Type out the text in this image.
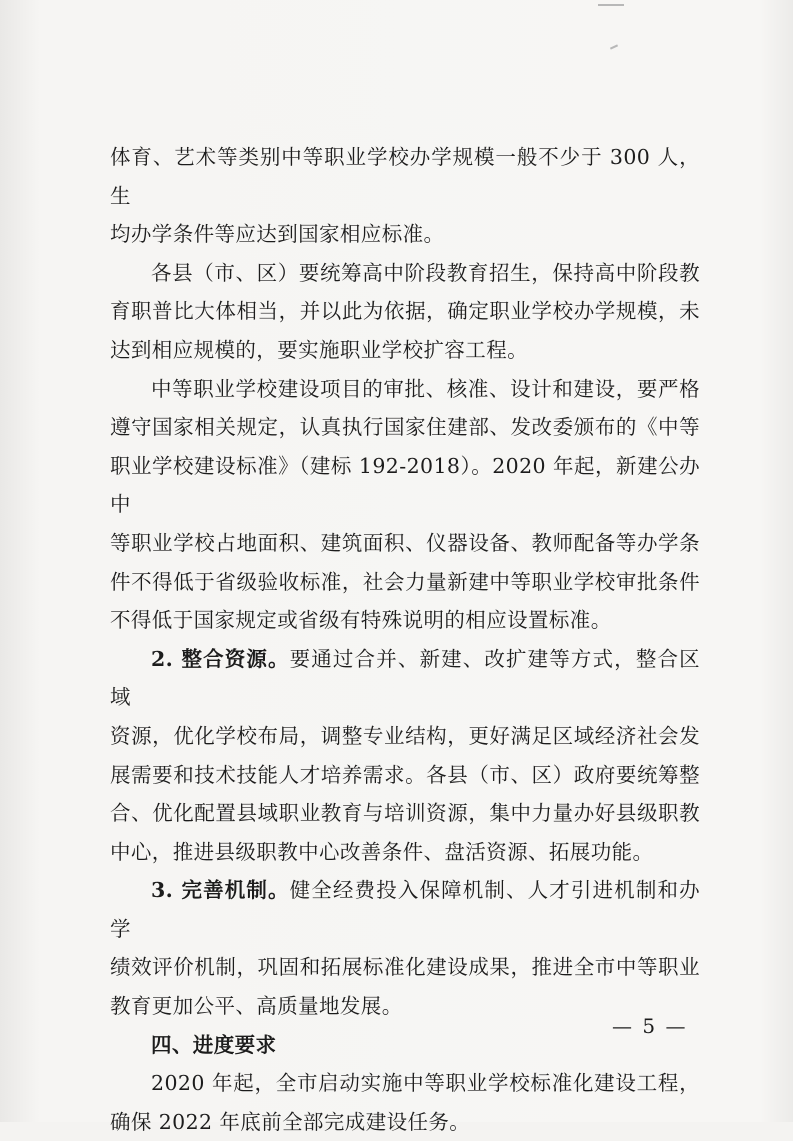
体育、艺术等类别中等职业学校办学规模一般不少于 300 人，生

均办学条件等应达到国家相应标准。

各县（市、区）要统筹高中阶段教育招生，保持高中阶段教

育职普比大体相当，并以此为依据，确定职业学校办学规模，未

达到相应规模的，要实施职业学校扩容工程。

中等职业学校建设项目的审批、核准、设计和建设，要严格

遵守国家相关规定，认真执行国家住建部、发改委颁布的《中等

职业学校建设标准》（建标 192-2018）。2020 年起，新建公办中

等职业学校占地面积、建筑面积、仪器设备、教师配备等办学条

件不得低于省级验收标准，社会力量新建中等职业学校审批条件

不得低于国家规定或省级有特殊说明的相应设置标准。

2. 整合资源。要通过合并、新建、改扩建等方式，整合区域

资源，优化学校布局，调整专业结构，更好满足区域经济社会发

展需要和技术技能人才培养需求。各县（市、区）政府要统筹整

合、优化配置县域职业教育与培训资源，集中力量办好县级职教

中心，推进县级职教中心改善条件、盘活资源、拓展功能。

3. 完善机制。健全经费投入保障机制、人才引进机制和办学

绩效评价机制，巩固和拓展标准化建设成果，推进全市中等职业

教育更加公平、高质量地发展。

四、进度要求

2020 年起，全市启动实施中等职业学校标准化建设工程，

确保 2022 年底前全部完成建设任务。

— 5 —
